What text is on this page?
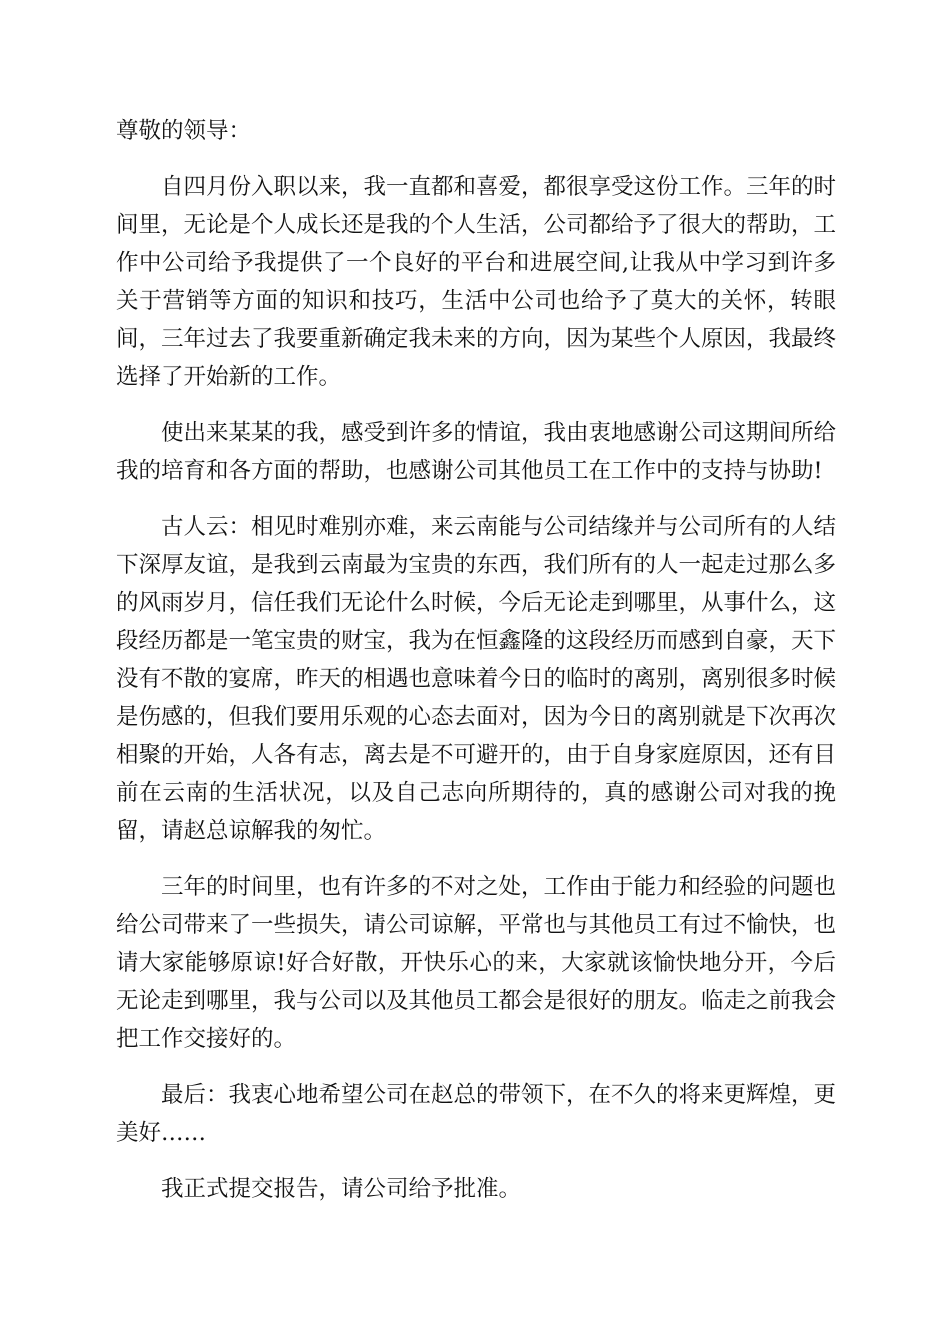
尊敬的领导：

自四月份入职以来，我一直都和喜爱，都很享受这份工作。三年的时间里，无论是个人成长还是我的个人生活，公司都给予了很大的帮助，工作中公司给予我提供了一个良好的平台和进展空间,让我从中学习到许多关于营销等方面的知识和技巧，生活中公司也给予了莫大的关怀，转眼间，三年过去了我要重新确定我未来的方向，因为某些个人原因，我最终选择了开始新的工作。

使出来某某的我，感受到许多的情谊，我由衷地感谢公司这期间所给我的培育和各方面的帮助，也感谢公司其他员工在工作中的支持与协助!

古人云：相见时难别亦难，来云南能与公司结缘并与公司所有的人结下深厚友谊，是我到云南最为宝贵的东西，我们所有的人一起走过那么多的风雨岁月，信任我们无论什么时候，今后无论走到哪里，从事什么，这段经历都是一笔宝贵的财宝，我为在恒鑫隆的这段经历而感到自豪，天下没有不散的宴席，昨天的相遇也意味着今日的临时的离别，离别很多时候是伤感的，但我们要用乐观的心态去面对，因为今日的离别就是下次再次相聚的开始，人各有志，离去是不可避开的，由于自身家庭原因，还有目前在云南的生活状况，以及自己志向所期待的，真的感谢公司对我的挽留，请赵总谅解我的匆忙。

三年的时间里，也有许多的不对之处，工作由于能力和经验的问题也给公司带来了一些损失，请公司谅解，平常也与其他员工有过不愉快，也请大家能够原谅!好合好散，开快乐心的来，大家就该愉快地分开，今后无论走到哪里，我与公司以及其他员工都会是很好的朋友。临走之前我会把工作交接好的。

最后：我衷心地希望公司在赵总的带领下，在不久的将来更辉煌，更美好……

我正式提交报告，请公司给予批准。
